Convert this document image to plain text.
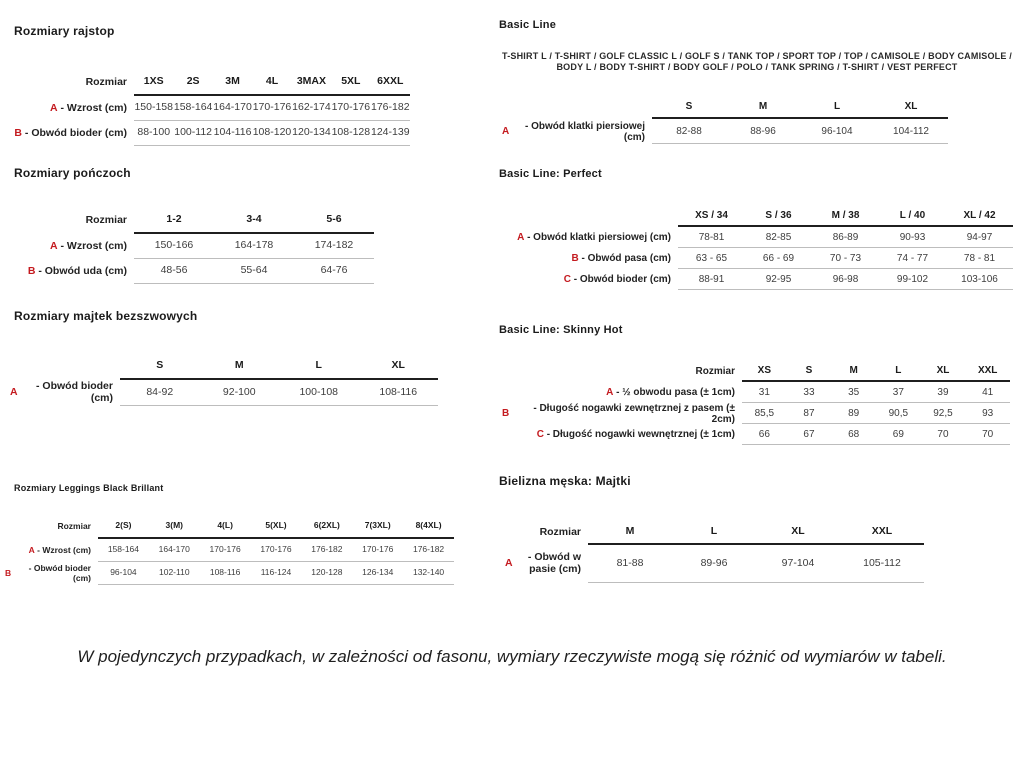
Rozmiary rajstop
Rozmiar	1XS	2S	3M	4L	3MAX	5XL	6XXL
A - Wzrost (cm) 150-158 158-164 164-170 170-176 162-174 170-176 176-182
B - Obwód bioder (cm) 88-100 100-112 104-116 108-120 120-134 108-128 124-139
Rozmiary pończoch
Rozmiar	1-2	3-4	5-6
A - Wzrost (cm)	150-166	164-178	174-182
B - Obwód uda (cm)	48-56	55-64	64-76
Rozmiary majtek bezszwowych
S	M	L	XL
A - Obwód bioder (cm)
84-92	92-100	100-108	108-116
Rozmiary Leggings Black Brillant
Rozmiar	2(S)	3(M)	4(L)	5(XL)	6(2XL)	7(3XL)	8(4XL)
A - Wzrost (cm)	158-164	164-170	170-176	170-176	176-182	170-176	176-182
B - Obwód bioder (cm)
96-104	102-110	108-116	116-124	120-128	126-134	132-140
Basic Line
T-SHIRT L / T-SHIRT / GOLF CLASSIC L / GOLF S / TANK TOP / SPORT TOP / TOP / CAMISOLE / BODY CAMISOLE / BODY L / BODY T-SHIRT / BODY GOLF / POLO / TANK SPRING / T-SHIRT / VEST PERFECT
S	M	L	XL
A - Obwód klatki piersiowej (cm)
82-88	88-96	96-104	104-112
Basic Line: Perfect
XS / 34	S / 36	M / 38	L / 40	XL / 42
A - Obwód klatki piersiowej (cm)	78-81	82-85	86-89	90-93	94-97
B - Obwód pasa (cm)	63 - 65	66 - 69	70 - 73	74 - 77	78 - 81
C - Obwód bioder (cm)	88-91	92-95	96-98	99-102	103-106
Basic Line: Skinny Hot
Rozmiar	XS	S	M	L	XL	XXL
A - ½ obwodu pasa (± 1cm)	31	33	35	37	39	41
B - Długość nogawki zewnętrznej z pasem (± 2cm)
85,5	87	89	90,5	92,5	93
C - Długość nogawki wewnętrznej (± 1cm)	66	67	68	69	70	70
Bielizna męska: Majtki
Rozmiar	M	L	XL	XXL
A - Obwód w pasie (cm)
81-88	89-96	97-104	105-112
W pojedynczych przypadkach, w zależności od fasonu, wymiary rzeczywiste mogą się różnić od wymiarów w tabeli.
